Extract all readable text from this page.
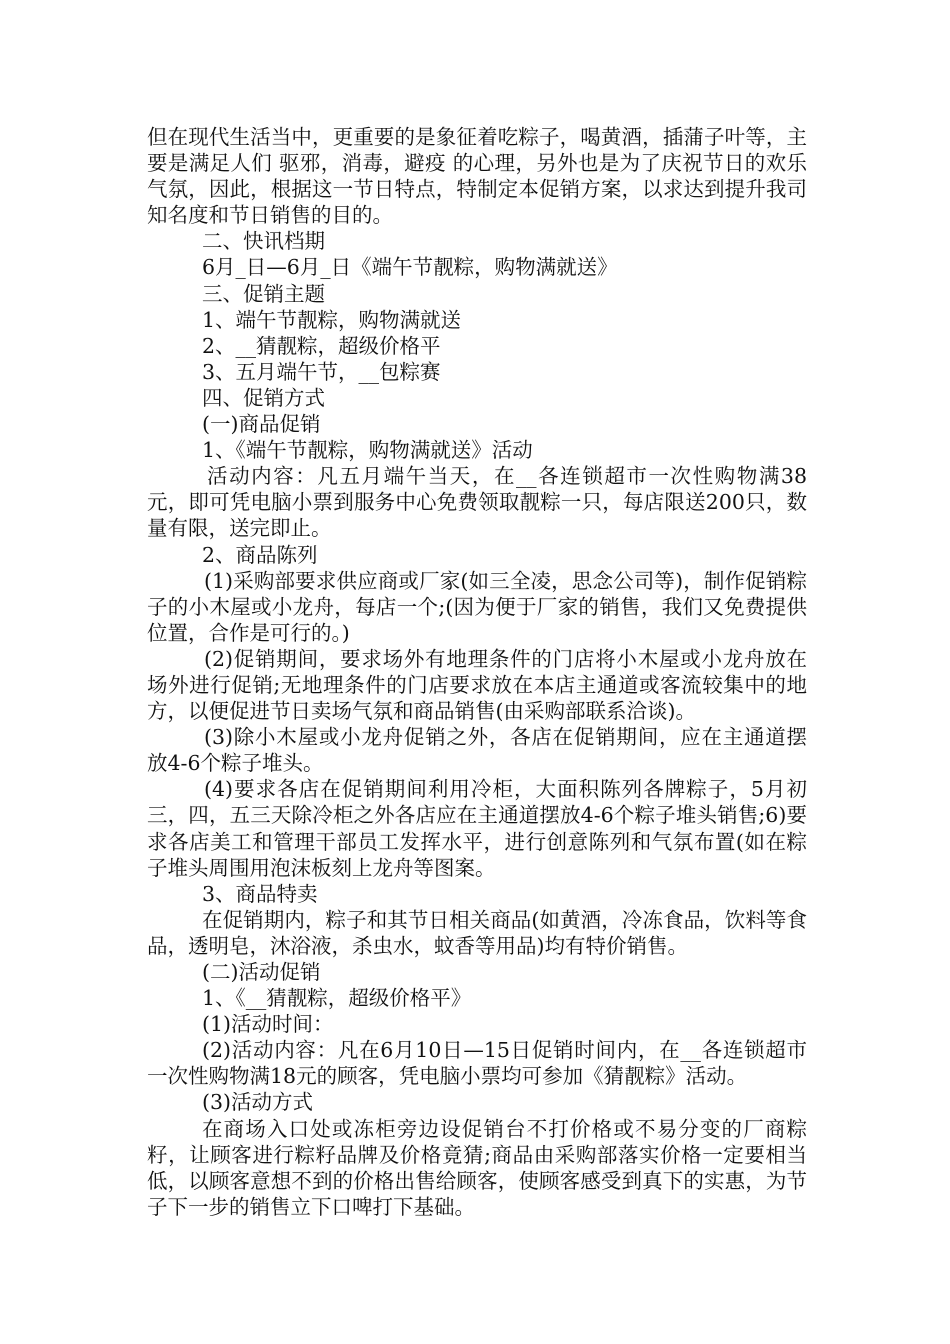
但在现代生活当中，更重要的是象征着吃粽子，喝黄酒，插蒲子叶等，主要是满足人们 驱邪，消毒，避疫 的心理，另外也是为了庆祝节日的欢乐气氛，因此，根据这一节日特点，特制定本促销方案，以求达到提升我司知名度和节日销售的目的。

二、快讯档期

6月_日—6月_日《端午节靓粽，购物满就送》

三、促销主题

1、端午节靓粽，购物满就送

2、__猜靓粽，超级价格平

3、五月端午节，__包粽赛

四、促销方式

(一)商品促销

1、《端午节靓粽，购物满就送》活动

活动内容：凡五月端午当天，在__各连锁超市一次性购物满38元，即可凭电脑小票到服务中心免费领取靓粽一只，每店限送200只，数量有限，送完即止。

2、商品陈列

(1)采购部要求供应商或厂家(如三全凌，思念公司等)，制作促销粽子的小木屋或小龙舟，每店一个;(因为便于厂家的销售，我们又免费提供位置，合作是可行的。)

(2)促销期间，要求场外有地理条件的门店将小木屋或小龙舟放在场外进行促销;无地理条件的门店要求放在本店主通道或客流较集中的地方，以便促进节日卖场气氛和商品销售(由采购部联系洽谈)。

(3)除小木屋或小龙舟促销之外，各店在促销期间，应在主通道摆放4-6个粽子堆头。

(4)要求各店在促销期间利用冷柜，大面积陈列各牌粽子，5月初三，四，五三天除冷柜之外各店应在主通道摆放4-6个粽子堆头销售;6)要求各店美工和管理干部员工发挥水平，进行创意陈列和气氛布置(如在粽子堆头周围用泡沫板刻上龙舟等图案。

3、商品特卖

在促销期内，粽子和其节日相关商品(如黄酒，冷冻食品，饮料等食品，透明皂，沐浴液，杀虫水，蚊香等用品)均有特价销售。

(二)活动促销

1、《__猜靓粽，超级价格平》

(1)活动时间：

(2)活动内容：凡在6月10日—15日促销时间内，在__各连锁超市一次性购物满18元的顾客，凭电脑小票均可参加《猜靓粽》活动。

(3)活动方式

在商场入口处或冻柜旁边设促销台不打价格或不易分变的厂商粽籽，让顾客进行粽籽品牌及价格竟猜;商品由采购部落实价格一定要相当低，以顾客意想不到的价格出售给顾客，使顾客感受到真下的实惠，为节子下一步的销售立下口啤打下基础。
